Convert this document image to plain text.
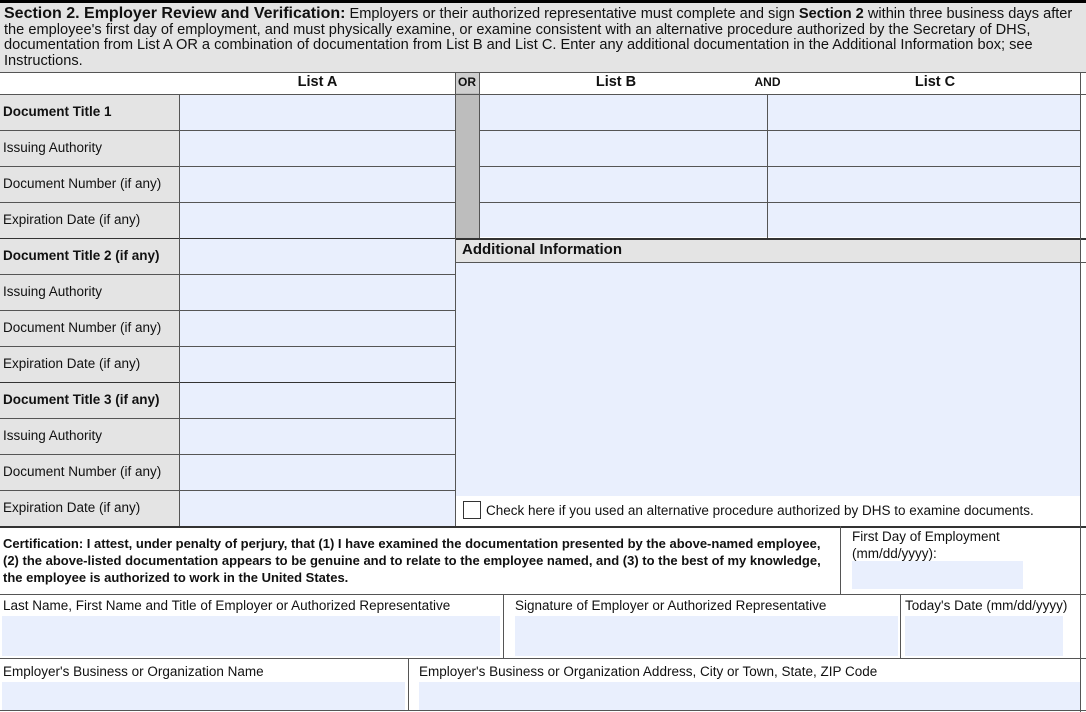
Section 2. Employer Review and Verification: Employers or their authorized representative must complete and sign Section 2 within three business days after the employee's first day of employment, and must physically examine, or examine consistent with an alternative procedure authorized by the Secretary of DHS, documentation from List A OR a combination of documentation from List B and List C. Enter any additional documentation in the Additional Information box; see Instructions.
List A	OR	List B	AND	List C
Document Title 1
Issuing Authority
Document Number (if any)
Expiration Date (if any)
Document Title 2 (if any)
Issuing Authority
Document Number (if any)
Expiration Date (if any)
Document Title 3 (if any)
Issuing Authority
Document Number (if any)
Expiration Date (if any)
Additional Information
Check here if you used an alternative procedure authorized by DHS to examine documents.
Certification: I attest, under penalty of perjury, that (1) I have examined the documentation presented by the above-named employee, (2) the above-listed documentation appears to be genuine and to relate to the employee named, and (3) to the best of my knowledge, the employee is authorized to work in the United States.
First Day of Employment (mm/dd/yyyy):
Last Name, First Name and Title of Employer or Authorized Representative	Signature of Employer or Authorized Representative	Today's Date (mm/dd/yyyy)
Employer's Business or Organization Name	Employer's Business or Organization Address, City or Town, State, ZIP Code
